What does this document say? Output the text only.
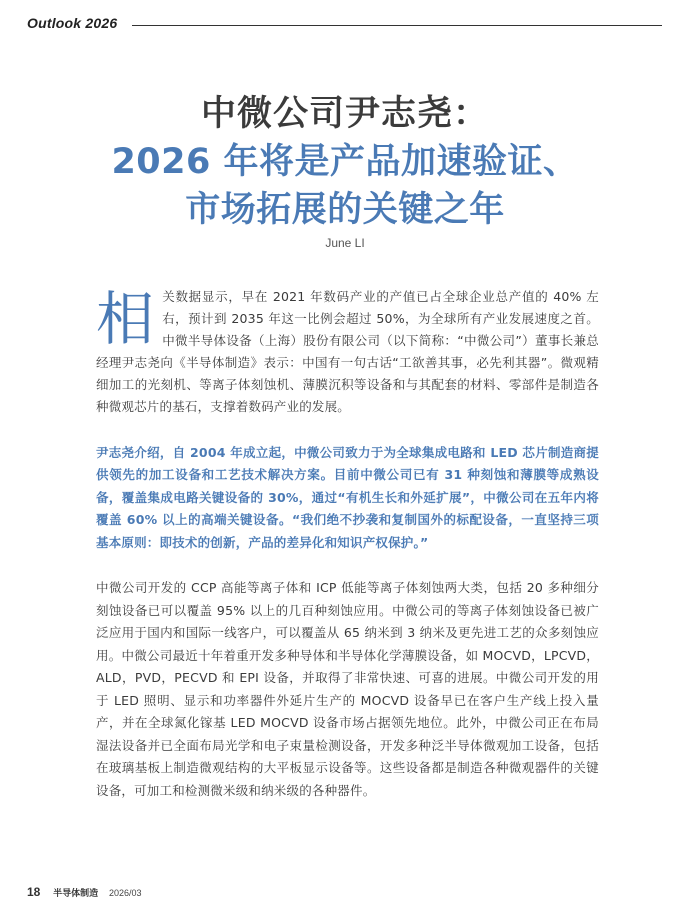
Outlook 2026
中微公司尹志尧：
2026 年将是产品加速验证、
市场拓展的关键之年
June LI
相 关数据显示，早在 2021 年数码产业的产值已占全球企业总产值的 40% 左右，预计到 2035 年这一比例会超过 50%，为全球所有产业发展速度之首。中微半导体设备（上海）股份有限公司（以下简称：“中微公司”）董事长兼总经理尹志尧向《半导体制造》表示：中国有一句古话“工欲善其事，必先利其器”。微观精细加工的光刻机、等离子体刻蚀机、薄膜沉积等设备和与其配套的材料、零部件是制造各种微观芯片的基石，支撑着数码产业的发展。
尹志尧介绍，自 2004 年成立起，中微公司致力于为全球集成电路和 LED 芯片制造商提供领先的加工设备和工艺技术解决方案。目前中微公司已有 31 种刻蚀和薄膜等成熟设备，覆盖集成电路关键设备的 30%，通过“有机生长和外延扩展”，中微公司在五年内将覆盖 60% 以上的高端关键设备。“我们绝不抄袭和复制国外的标配设备，一直坚持三项基本原则：即技术的创新，产品的差异化和知识产权保护。”
中微公司开发的 CCP 高能等离子体和 ICP 低能等离子体刻蚀两大类，包括 20 多种细分刻蚀设备已可以覆盖 95% 以上的几百种刻蚀应用。中微公司的等离子体刻蚀设备已被广泛应用于国内和国际一线客户，可以覆盖从 65 纳米到 3 纳米及更先进工艺的众多刻蚀应用。中微公司最近十年着重开发多种导体和半导体化学薄膜设备，如 MOCVD，LPCVD，ALD，PVD，PECVD 和 EPI 设备，并取得了非常快速、可喜的进展。中微公司开发的用于 LED 照明、显示和功率器件外延片生产的 MOCVD 设备早已在客户生产线上投入量产，并在全球氮化镓基 LED MOCVD 设备市场占据领先地位。此外，中微公司正在布局湿法设备并已全面布局光学和电子束量检测设备，开发多种泛半导体微观加工设备，包括在玻璃基板上制造微观结构的大平板显示设备等。这些设备都是制造各种微观器件的关键设备，可加工和检测微米级和纳米级的各种器件。
18 半导体制造 2026/03
